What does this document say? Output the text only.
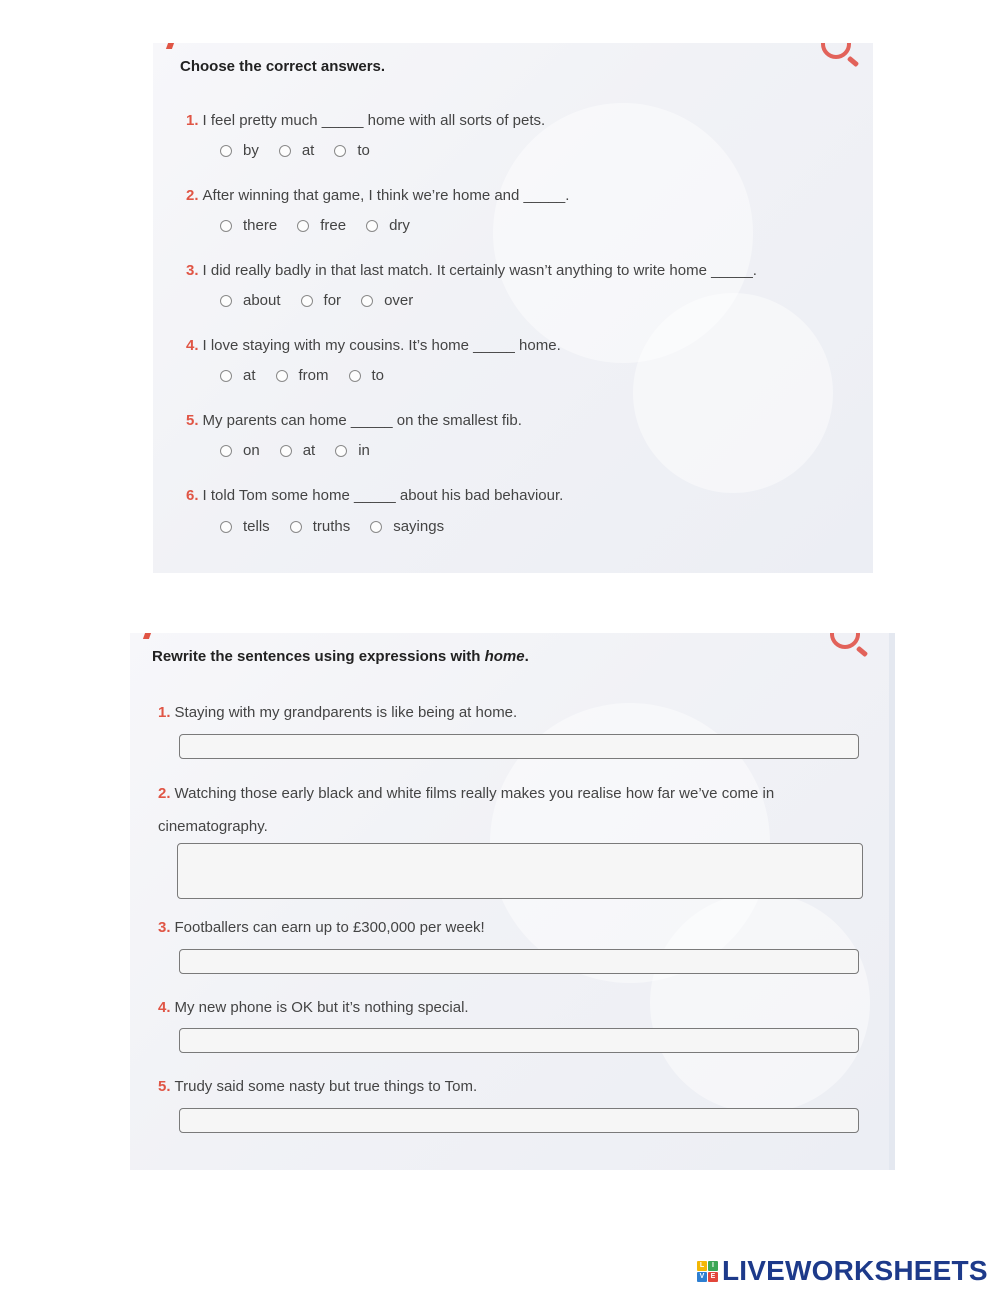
Choose the correct answers.
1. I feel pretty much _____ home with all sorts of pets.
by	at	to
2. After winning that game, I think we’re home and _____.
there	free	dry
3. I did really badly in that last match. It certainly wasn’t anything to write home _____.
about	for	over
4. I love staying with my cousins. It’s home _____ home.
at	from	to
5. My parents can home _____ on the smallest fib.
on	at	in
6. I told Tom some home _____ about his bad behaviour.
tells	truths	sayings
Rewrite the sentences using expressions with home.
1. Staying with my grandparents is like being at home.
2. Watching those early black and white films really makes you realise how far we’ve come in cinematography.
3. Footballers can earn up to £300,000 per week!
4. My new phone is OK but it’s nothing special.
5. Trudy said some nasty but true things to Tom.
L	I
V E LIVEWORKSHEETS
